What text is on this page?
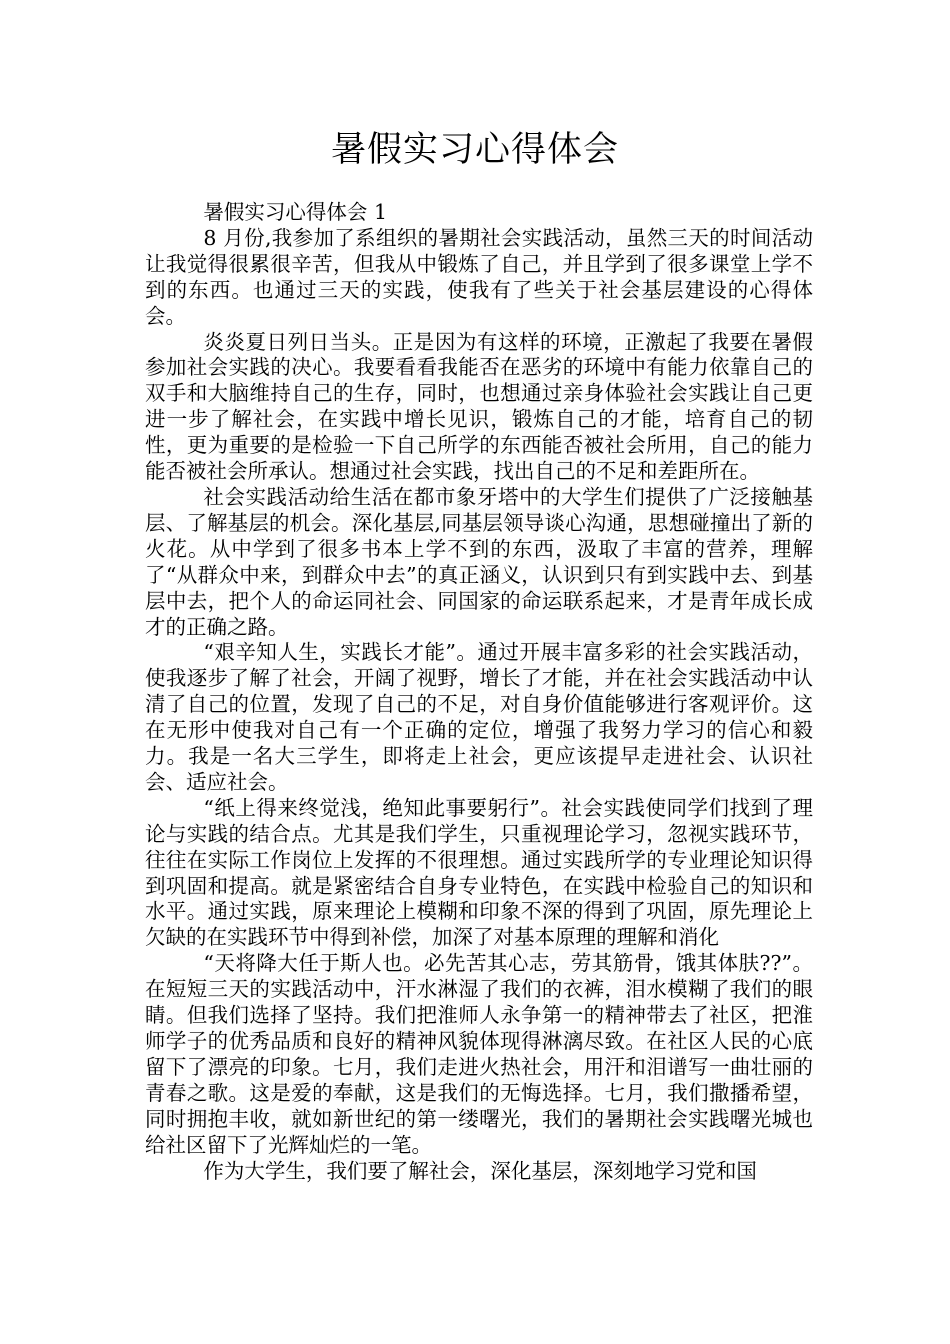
暑假实习心得体会

暑假实习心得体会 1

8 月份,我参加了系组织的暑期社会实践活动，虽然三天的时间活动让我觉得很累很辛苦，但我从中锻炼了自己，并且学到了很多课堂上学不到的东西。也通过三天的实践，使我有了些关于社会基层建设的心得体会。

炎炎夏日列日当头。正是因为有这样的环境，正激起了我要在暑假参加社会实践的决心。我要看看我能否在恶劣的环境中有能力依靠自己的双手和大脑维持自己的生存，同时，也想通过亲身体验社会实践让自己更进一步了解社会，在实践中增长见识，锻炼自己的才能，培育自己的韧性，更为重要的是检验一下自己所学的东西能否被社会所用，自己的能力能否被社会所承认。想通过社会实践，找出自己的不足和差距所在。

社会实践活动给生活在都市象牙塔中的大学生们提供了广泛接触基层、了解基层的机会。深化基层,同基层领导谈心沟通，思想碰撞出了新的火花。从中学到了很多书本上学不到的东西，汲取了丰富的营养，理解了“从群众中来，到群众中去”的真正涵义，认识到只有到实践中去、到基层中去，把个人的命运同社会、同国家的命运联系起来，才是青年成长成才的正确之路。

“艰辛知人生，实践长才能”。通过开展丰富多彩的社会实践活动，使我逐步了解了社会，开阔了视野，增长了才能，并在社会实践活动中认清了自己的位置，发现了自己的不足，对自身价值能够进行客观评价。这在无形中使我对自己有一个正确的定位，增强了我努力学习的信心和毅力。我是一名大三学生，即将走上社会，更应该提早走进社会、认识社会、适应社会。

“纸上得来终觉浅，绝知此事要躬行”。社会实践使同学们找到了理论与实践的结合点。尤其是我们学生，只重视理论学习，忽视实践环节，往往在实际工作岗位上发挥的不很理想。通过实践所学的专业理论知识得到巩固和提高。就是紧密结合自身专业特色，在实践中检验自己的知识和水平。通过实践，原来理论上模糊和印象不深的得到了巩固，原先理论上欠缺的在实践环节中得到补偿，加深了对基本原理的理解和消化

“天将降大任于斯人也。必先苦其心志，劳其筋骨，饿其体肤??”。在短短三天的实践活动中，汗水淋湿了我们的衣裤，泪水模糊了我们的眼睛。但我们选择了坚持。我们把淮师人永争第一的精神带去了社区，把淮师学子的优秀品质和良好的精神风貌体现得淋漓尽致。在社区人民的心底留下了漂亮的印象。七月，我们走进火热社会，用汗和泪谱写一曲壮丽的青春之歌。这是爱的奉献，这是我们的无悔选择。七月，我们撒播希望，同时拥抱丰收，就如新世纪的第一缕曙光，我们的暑期社会实践曙光城也给社区留下了光辉灿烂的一笔。

作为大学生，我们要了解社会，深化基层，深刻地学习党和国
